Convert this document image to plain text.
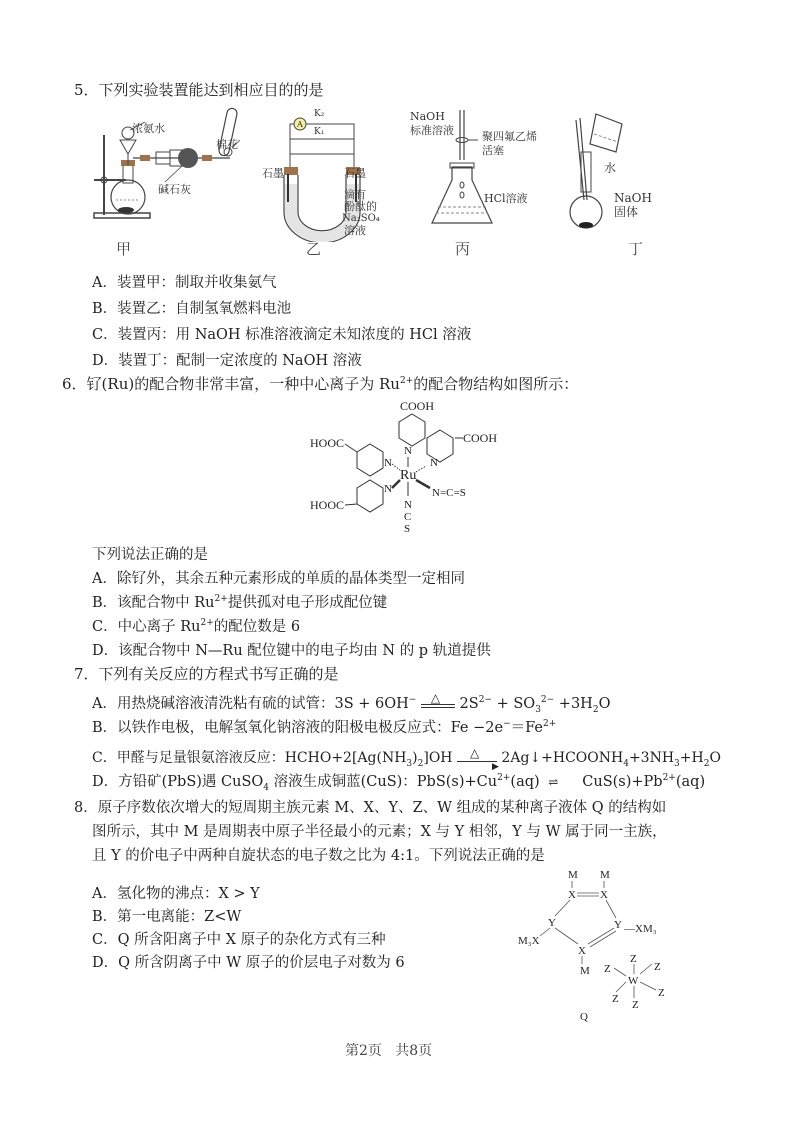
5．下列实验装置能达到相应目的的是
浓氨水
棉花
碱石灰
甲
A
K₂
K₁
石墨	石墨
滴有
酚酞的
Na₂SO₄
溶液
乙
NaOH
标准溶液	聚四氟乙烯
活塞
HCl溶液
丙
水
NaOH
固体
丁
A．装置甲：制取并收集氨气
B．装置乙：自制氢氧燃料电池
C．装置丙：用 NaOH 标准溶液滴定未知浓度的 HCl 溶液
D．装置丁：配制一定浓度的 NaOH 溶液
6．钌(Ru)的配合物非常丰富，一种中心离子为 $Ru^{2+}$的配合物结构如图所示：
COOH
COOH
HOOC
HOOC
Ru
N
N
N
N	N=C=S
N
C
S
下列说法正确的是
A．除钌外，其余五种元素形成的单质的晶体类型一定相同
B．该配合物中 $Ru^{2+}$提供孤对电子形成配位键
C．中心离子 $Ru^{2+}$的配位数是 6
D．该配合物中 N—Ru 配位键中的电子均由 N 的 p 轨道提供
7．下列有关反应的方程式书写正确的是
A．用热烧碱溶液清洗粘有硫的试管：3S + 6OH− △ $2S^{2-} + SO_3^{2-} +3H_2O$
B．以铁作电极，电解氢氧化钠溶液的阳极电极反应式：$Fe -2e^-=Fe^{2+}$
C．甲醛与足量银氨溶液反应：$HCHO+2[Ag(NH_3)_2]OH$ △
▶
$2Ag↓+HCOONH_4+3NH_3+H_2O$
D．方铅矿(PbS)遇 CuSO$_4$ 溶液生成铜蓝(CuS)：$PbS(s)+Cu^{2+}(aq)$ ⇌ $CuS(s)+Pb^{2+}(aq)$
8．原子序数依次增大的短周期主族元素 M、X、Y、Z、W 组成的某种离子液体 Q 的结构如
图所示，其中 M 是周期表中原子半径最小的元素；X 与 Y 相邻，Y 与 W 属于同一主族，
且 Y 的价电子中两种自旋状态的电子数之比为 4:1。下列说法正确的是
A．氢化物的沸点：X > Y
B．第一电离能：Z<W
C．Q 所含阳离子中 X 原子的杂化方式有三种
D．Q 所含阴离子中 W 原子的价层电子对数为 6
M M
X X
Y	Y
M₃X
—XM₃
X
M
Z
Z	Z
W
Z	Z
Z
Q
第2页   共8页
